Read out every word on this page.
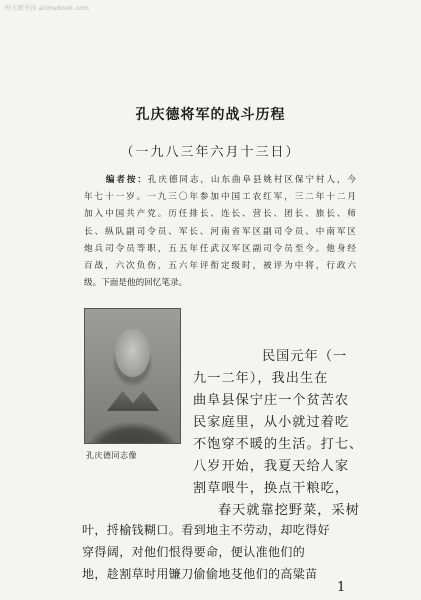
时光图书馆 atimebook.com
孔庆德将军的战斗历程
（一九八三年六月十三日）
编者按：孔庆德同志，山东曲阜县姚村区保宁村人，今
年七十一岁。一九三〇年参加中国工农红军，三二年十二月
加入中国共产党。历任排长、连长、营长、团长、旅长、师
长、纵队副司令员、军长、河南省军区副司令员、中南军区
炮兵司令员等职，五五年任武汉军区副司令员至今。他身经
百战，六次负伤，五六年评衔定级时，被评为中将，行政六
级。下面是他的回忆笔录。
孔庆德同志像
民国元年（一
九一二年），我出生在
曲阜县保宁庄一个贫苦农
民家庭里，从小就过着吃
不饱穿不暖的生活。打七、
八岁开始，我夏天给人家
割草喂牛，换点干粮吃，
春天就靠挖野菜，采树
叶，捋榆钱糊口。看到地主不劳动，却吃得好
1
穿得阔，对他们恨得要命，便认准他们的
地，趁割草时用镰刀偷偷地芟他们的高粱苗
